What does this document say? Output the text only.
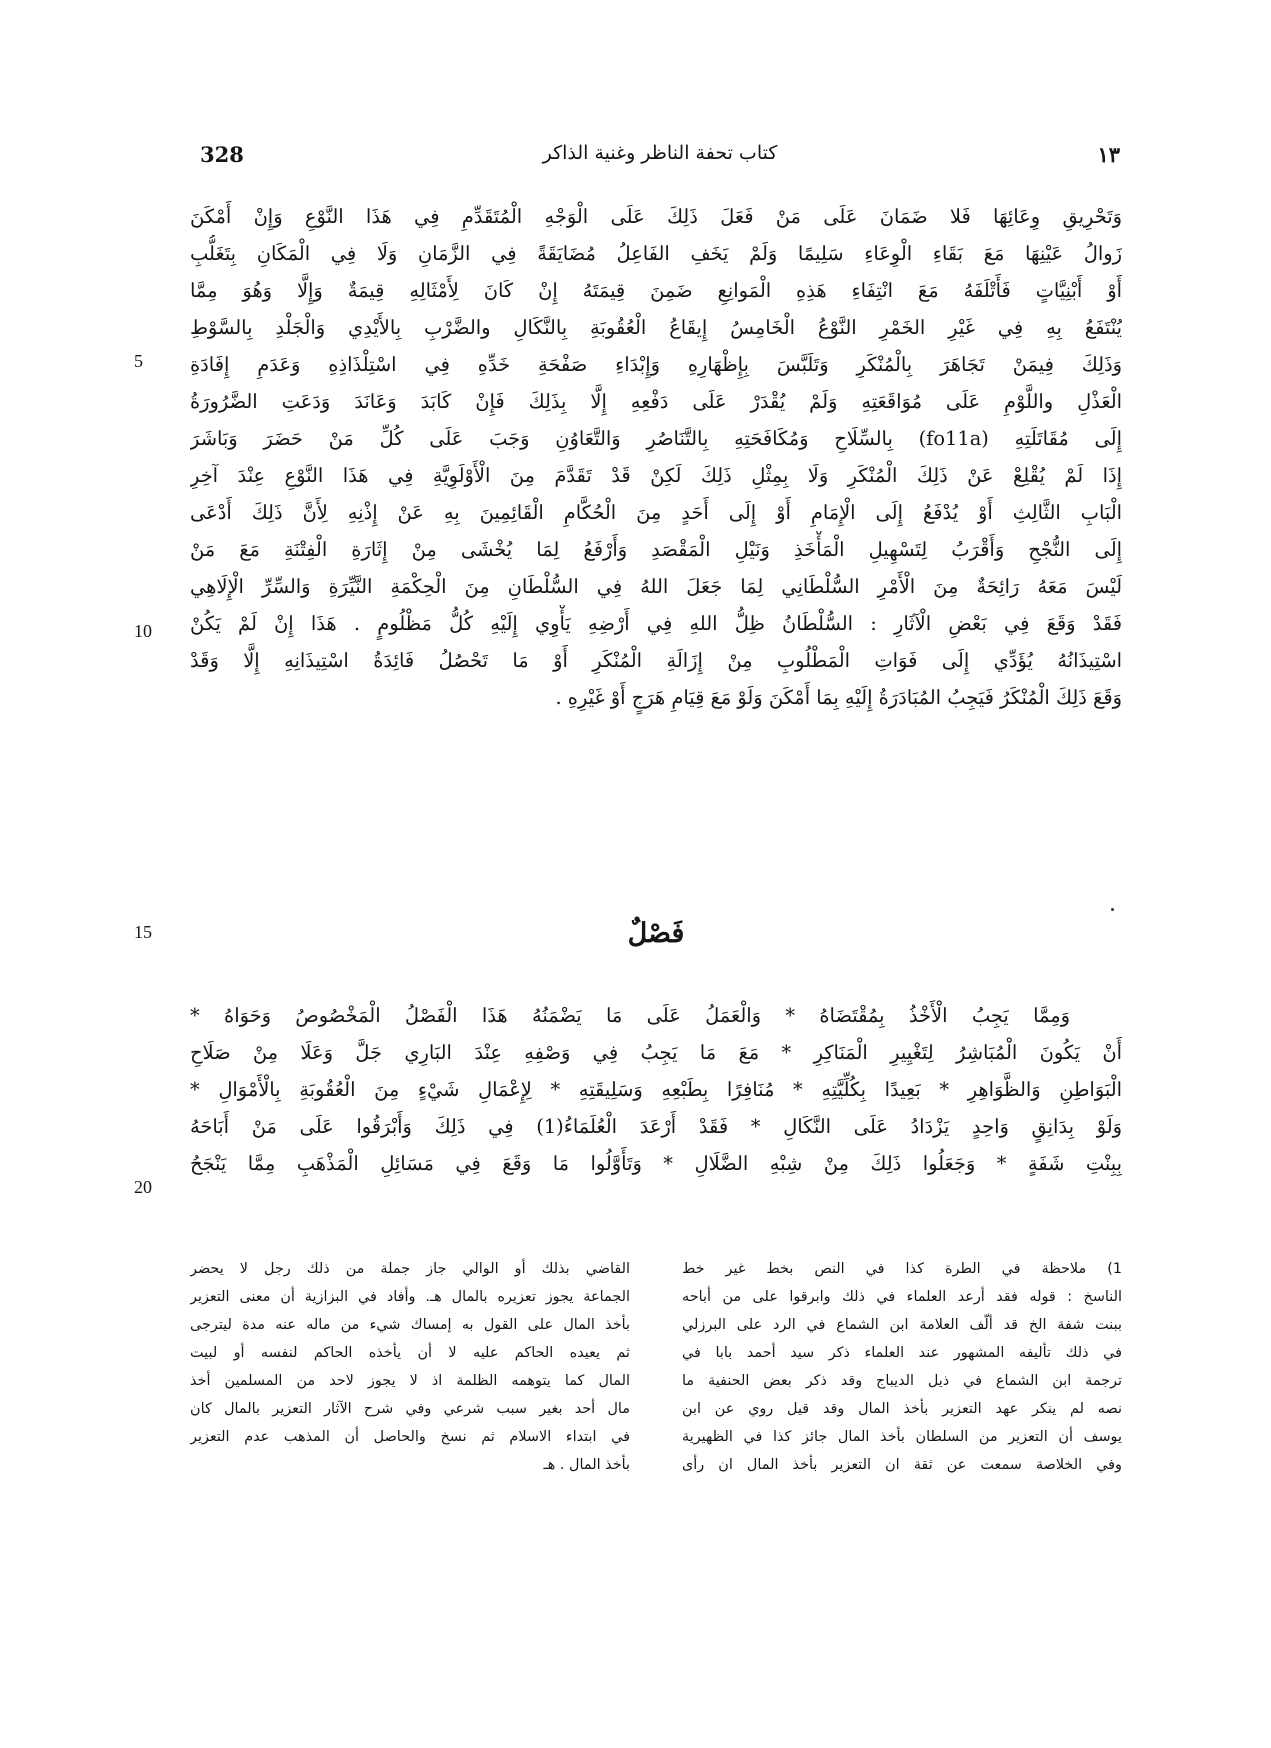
328	كتاب تحفة الناظر وغنية الذاكر	١٣
وَتَحْرِيقِ وِعَائِهَا فَلا ضَمَانَ عَلَى مَنْ فَعَلَ ذَلِكَ عَلَى الْوَجْهِ الْمُتَقَدِّمِ فِي هَذَا النَّوْعِ وَإِنْ أَمْكَنَ
زَوالُ عَيْنِهَا مَعَ بَقَاءِ الْوِعَاءِ سَلِيمًا وَلَمْ يَخَفِ الفَاعِلُ مُضَايَقَةً فِي الزَّمَانِ وَلَا فِي الْمَكَانِ بِتَغَلُّبِ
أَوْ أَبْنِيَّاتٍ فَأَتْلَفَهُ مَعَ انْتِفَاءِ هَذِهِ الْمَوانِعِ ضَمِنَ قِيمَتَهُ إِنْ كَانَ لِأَمْثَالِهِ قِيمَةٌ وَإِلَّا وَهُوَ مِمَّا
يُنْتَفَعُ بِهِ فِي غَيْرِ الخَمْرِ النَّوْعُ الْخَامِسُ إِيقَاعُ الْعُقُوبَةِ بِالنَّكَالِ والضَّرْبِ بِالأَيْدِي وَالْجَلْدِ بِالسَّوْطِ
وَذَلِكَ فِيمَنْ تَجَاهَرَ بِالْمُنْكَرِ وَتَلَبَّسَ بِإِظْهَارِهِ وَإِبْدَاءِ صَفْحَةِ خَدِّهِ فِي اسْتِلْذَاذِهِ وَعَدَمِ إِفَادَةِ
الْعَذْلِ واللَّوْمِ عَلَى مُوَاقَعَتِهِ وَلَمْ يُقْدَرْ عَلَى دَفْعِهِ إِلَّا بِذَلِكَ فَإِنْ كَابَدَ وَعَانَدَ وَدَعَتِ الضَّرُورَةُ
إِلَى مُقَاتَلَتِهِ (fo11a) بِالسِّلَاحِ وَمُكَافَحَتِهِ بِالتَّنَاصُرِ وَالتَّعَاوُنِ وَجَبَ عَلَى كُلِّ مَنْ حَضَرَ وَبَاشَرَ
إِذَا لَمْ يُقْلِعْ عَنْ ذَلِكَ الْمُنْكَرِ وَلَا بِمِثْلِ ذَلِكَ لَكِنْ قَدْ تَقَدَّمَ مِنَ الْأَوْلَوِيَّةِ فِي هَذَا النَّوْعِ عِنْدَ آخِرِ
الْبَابِ الثَّالِثِ أَوْ يُدْفَعُ إِلَى الْإِمَامِ أَوْ إِلَى أَحَدٍ مِنَ الْحُكَّامِ الْقَائِمِينَ بِهِ عَنْ إِذْنِهِ لِأَنَّ ذَلِكَ أَدْعَى
إِلَى النُّجْحِ وَأَقْرَبُ لِتَسْهِيلِ الْمَأْخَذِ وَنَيْلِ الْمَقْصَدِ وَأَرْفَعُ لِمَا يُخْشَى مِنْ إِثَارَةِ الْفِتْنَةِ مَعَ مَنْ
لَيْسَ مَعَهُ رَائِحَةٌ مِنَ الْأَمْرِ السُّلْطَانِي لِمَا جَعَلَ اللهُ فِي السُّلْطَانِ مِنَ الْحِكْمَةِ النَّيِّرَةِ وَالسِّرِّ الْإِلَاهِي
فَقَدْ وَقَعَ فِي بَعْضِ الْآثَارِ : السُّلْطَانُ ظِلُّ اللهِ فِي أَرْضِهِ يَأْوِي إِلَيْهِ كُلُّ مَظْلُومٍ . هَذَا إِنْ لَمْ يَكُنْ
اسْتِيذَانُهُ يُؤَدِّي إِلَى فَوَاتِ الْمَطْلُوبِ مِنْ إِزَالَةِ الْمُنْكَرِ أَوْ مَا تَحْصُلُ فَائِدَةُ اسْتِيذَانِهِ إِلَّا وَقَدْ
وَقَعَ ذَلِكَ الْمُنْكَرُ فَيَجِبُ المُبَادَرَةُ إِلَيْهِ بِمَا أَمْكَنَ وَلَوْ مَعَ قِيَامِ هَرَجٍ أَوْ غَيْرِهِ .
5
10
15
20
فَصْلٌ
وَمِمَّا يَجِبُ الْأَخْذُ بِمُقْتَضَاهُ * وَالْعَمَلُ عَلَى مَا يَضْمَنُهُ هَذَا الْفَصْلُ الْمَخْصُوصُ وَحَوَاهُ *
أَنْ يَكُونَ الْمُبَاشِرُ لِتَغْيِيرِ الْمَنَاكِرِ * مَعَ مَا يَجِبُ فِي وَصْفِهِ عِنْدَ البَارِي جَلَّ وَعَلَا مِنْ صَلَاحِ
الْبَوَاطِنِ وَالظَّوَاهِرِ * بَعِيدًا بِكُلِّيَّتِهِ * مُنَافِرًا بِطَبْعِهِ وَسَلِيقَتِهِ * لِإِعْمَالِ شَيْءٍ مِنَ الْعُقُوبَةِ بِالْأَمْوَالِ *
وَلَوْ بِدَانِقٍ وَاحِدٍ يَزْدَادُ عَلَى النَّكَالِ * فَقَدْ أَرْعَدَ الْعُلَمَاءُ(1) فِي ذَلِكَ وَأَبْرَقُوا عَلَى مَنْ أَبَاحَهُ
بِبِنْتِ شَفَةٍ * وَجَعَلُوا ذَلِكَ مِنْ شِبْهِ الضَّلَالِ * وَتَأَوَّلُوا مَا وَقَعَ فِي مَسَائِلِ الْمَذْهَبِ مِمَّا يَنْجَحُ
1) ملاحظة في الطرة كذا في النص بخط غير خط
الناسخ : قوله فقد أرعد العلماء في ذلك وابرقوا على من أباحه
ببنت شفة الخ قد ألّف العلامة ابن الشماع في الرد على البرزلي
في ذلك تأليفه المشهور عند العلماء ذكر سيد أحمد بابا في
ترجمة ابن الشماع في ذيل الديباج وقد ذكر بعض الحنفية ما
نصه لم ينكر عهد التعزير بأخذ المال وقد قيل روي عن ابن
يوسف أن التعزير من السلطان بأخذ المال جائز كذا في الظهيرية
وفي الخلاصة سمعت عن ثقة ان التعزير بأخذ المال ان رأى
القاضي بذلك أو الوالي جاز جملة من ذلك رجل لا يحضر
الجماعة يجوز تعزيره بالمال هـ. وأفاد في البزازية أن معنى التعزير
بأخذ المال على القول به إمساك شيء من ماله عنه مدة ليترجى
ثم يعيده الحاكم عليه لا أن يأخذه الحاكم لنفسه أو لبيت
المال كما يتوهمه الظلمة اذ لا يجوز لاحد من المسلمين أخذ
مال أحد بغير سبب شرعي وفي شرح الآثار التعزير بالمال كان
في ابتداء الاسلام ثم نسخ والحاصل أن المذهب عدم التعزير
بأخذ المال . هـ
